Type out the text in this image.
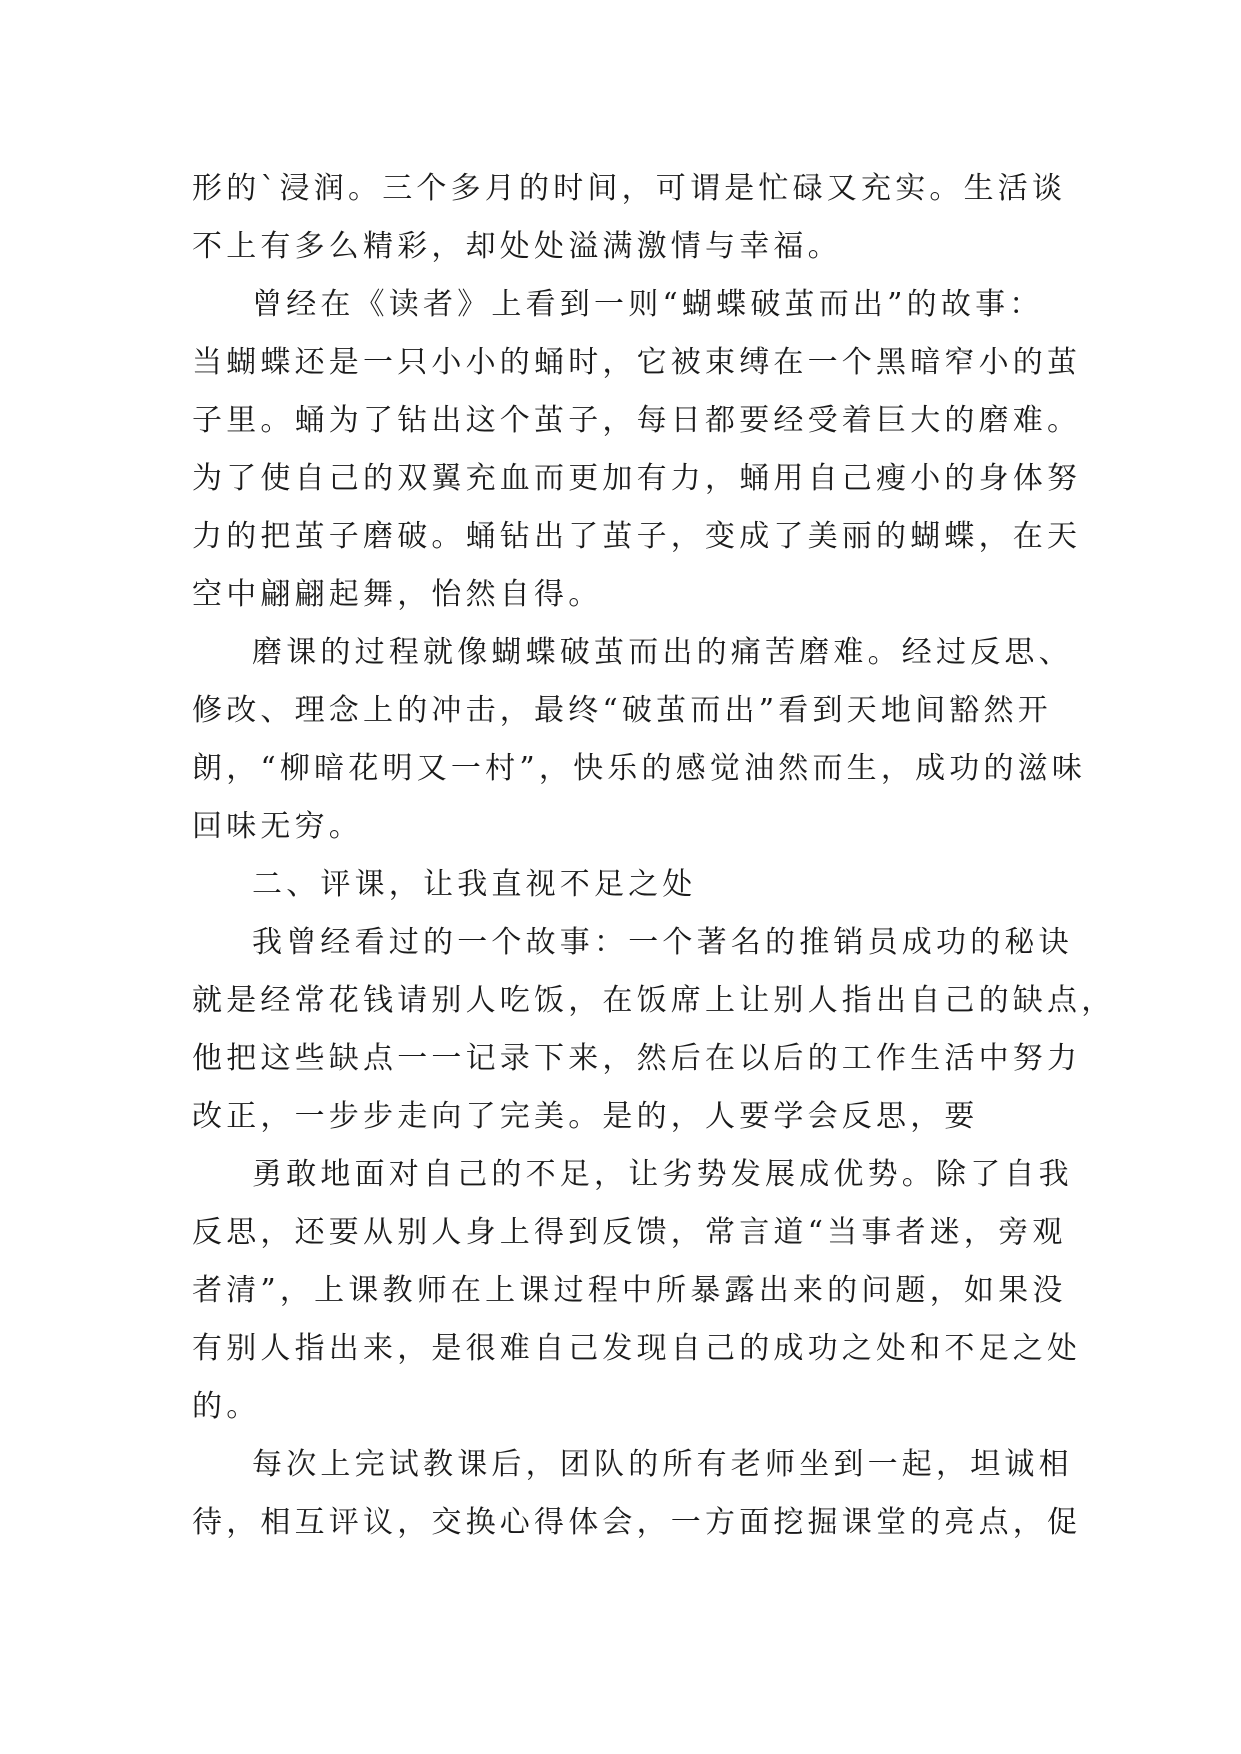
形的`浸润。三个多月的时间，可谓是忙碌又充实。生活谈
不上有多么精彩，却处处溢满激情与幸福。
曾经在《读者》上看到一则“蝴蝶破茧而出”的故事：
当蝴蝶还是一只小小的蛹时，它被束缚在一个黑暗窄小的茧
子里。蛹为了钻出这个茧子，每日都要经受着巨大的磨难。
为了使自己的双翼充血而更加有力，蛹用自己瘦小的身体努
力的把茧子磨破。蛹钻出了茧子，变成了美丽的蝴蝶，在天
空中翩翩起舞，怡然自得。
磨课的过程就像蝴蝶破茧而出的痛苦磨难。经过反思、
修改、理念上的冲击，最终“破茧而出”看到天地间豁然开
朗，“柳暗花明又一村”，快乐的感觉油然而生，成功的滋味
回味无穷。
二、评课，让我直视不足之处
我曾经看过的一个故事：一个著名的推销员成功的秘诀
就是经常花钱请别人吃饭，在饭席上让别人指出自己的缺点，
他把这些缺点一一记录下来，然后在以后的工作生活中努力
改正，一步步走向了完美。是的，人要学会反思，要
勇敢地面对自己的不足，让劣势发展成优势。除了自我
反思，还要从别人身上得到反馈，常言道“当事者迷，旁观
者清”，上课教师在上课过程中所暴露出来的问题，如果没
有别人指出来，是很难自己发现自己的成功之处和不足之处
的。
每次上完试教课后，团队的所有老师坐到一起，坦诚相
待，相互评议，交换心得体会，一方面挖掘课堂的亮点，促
